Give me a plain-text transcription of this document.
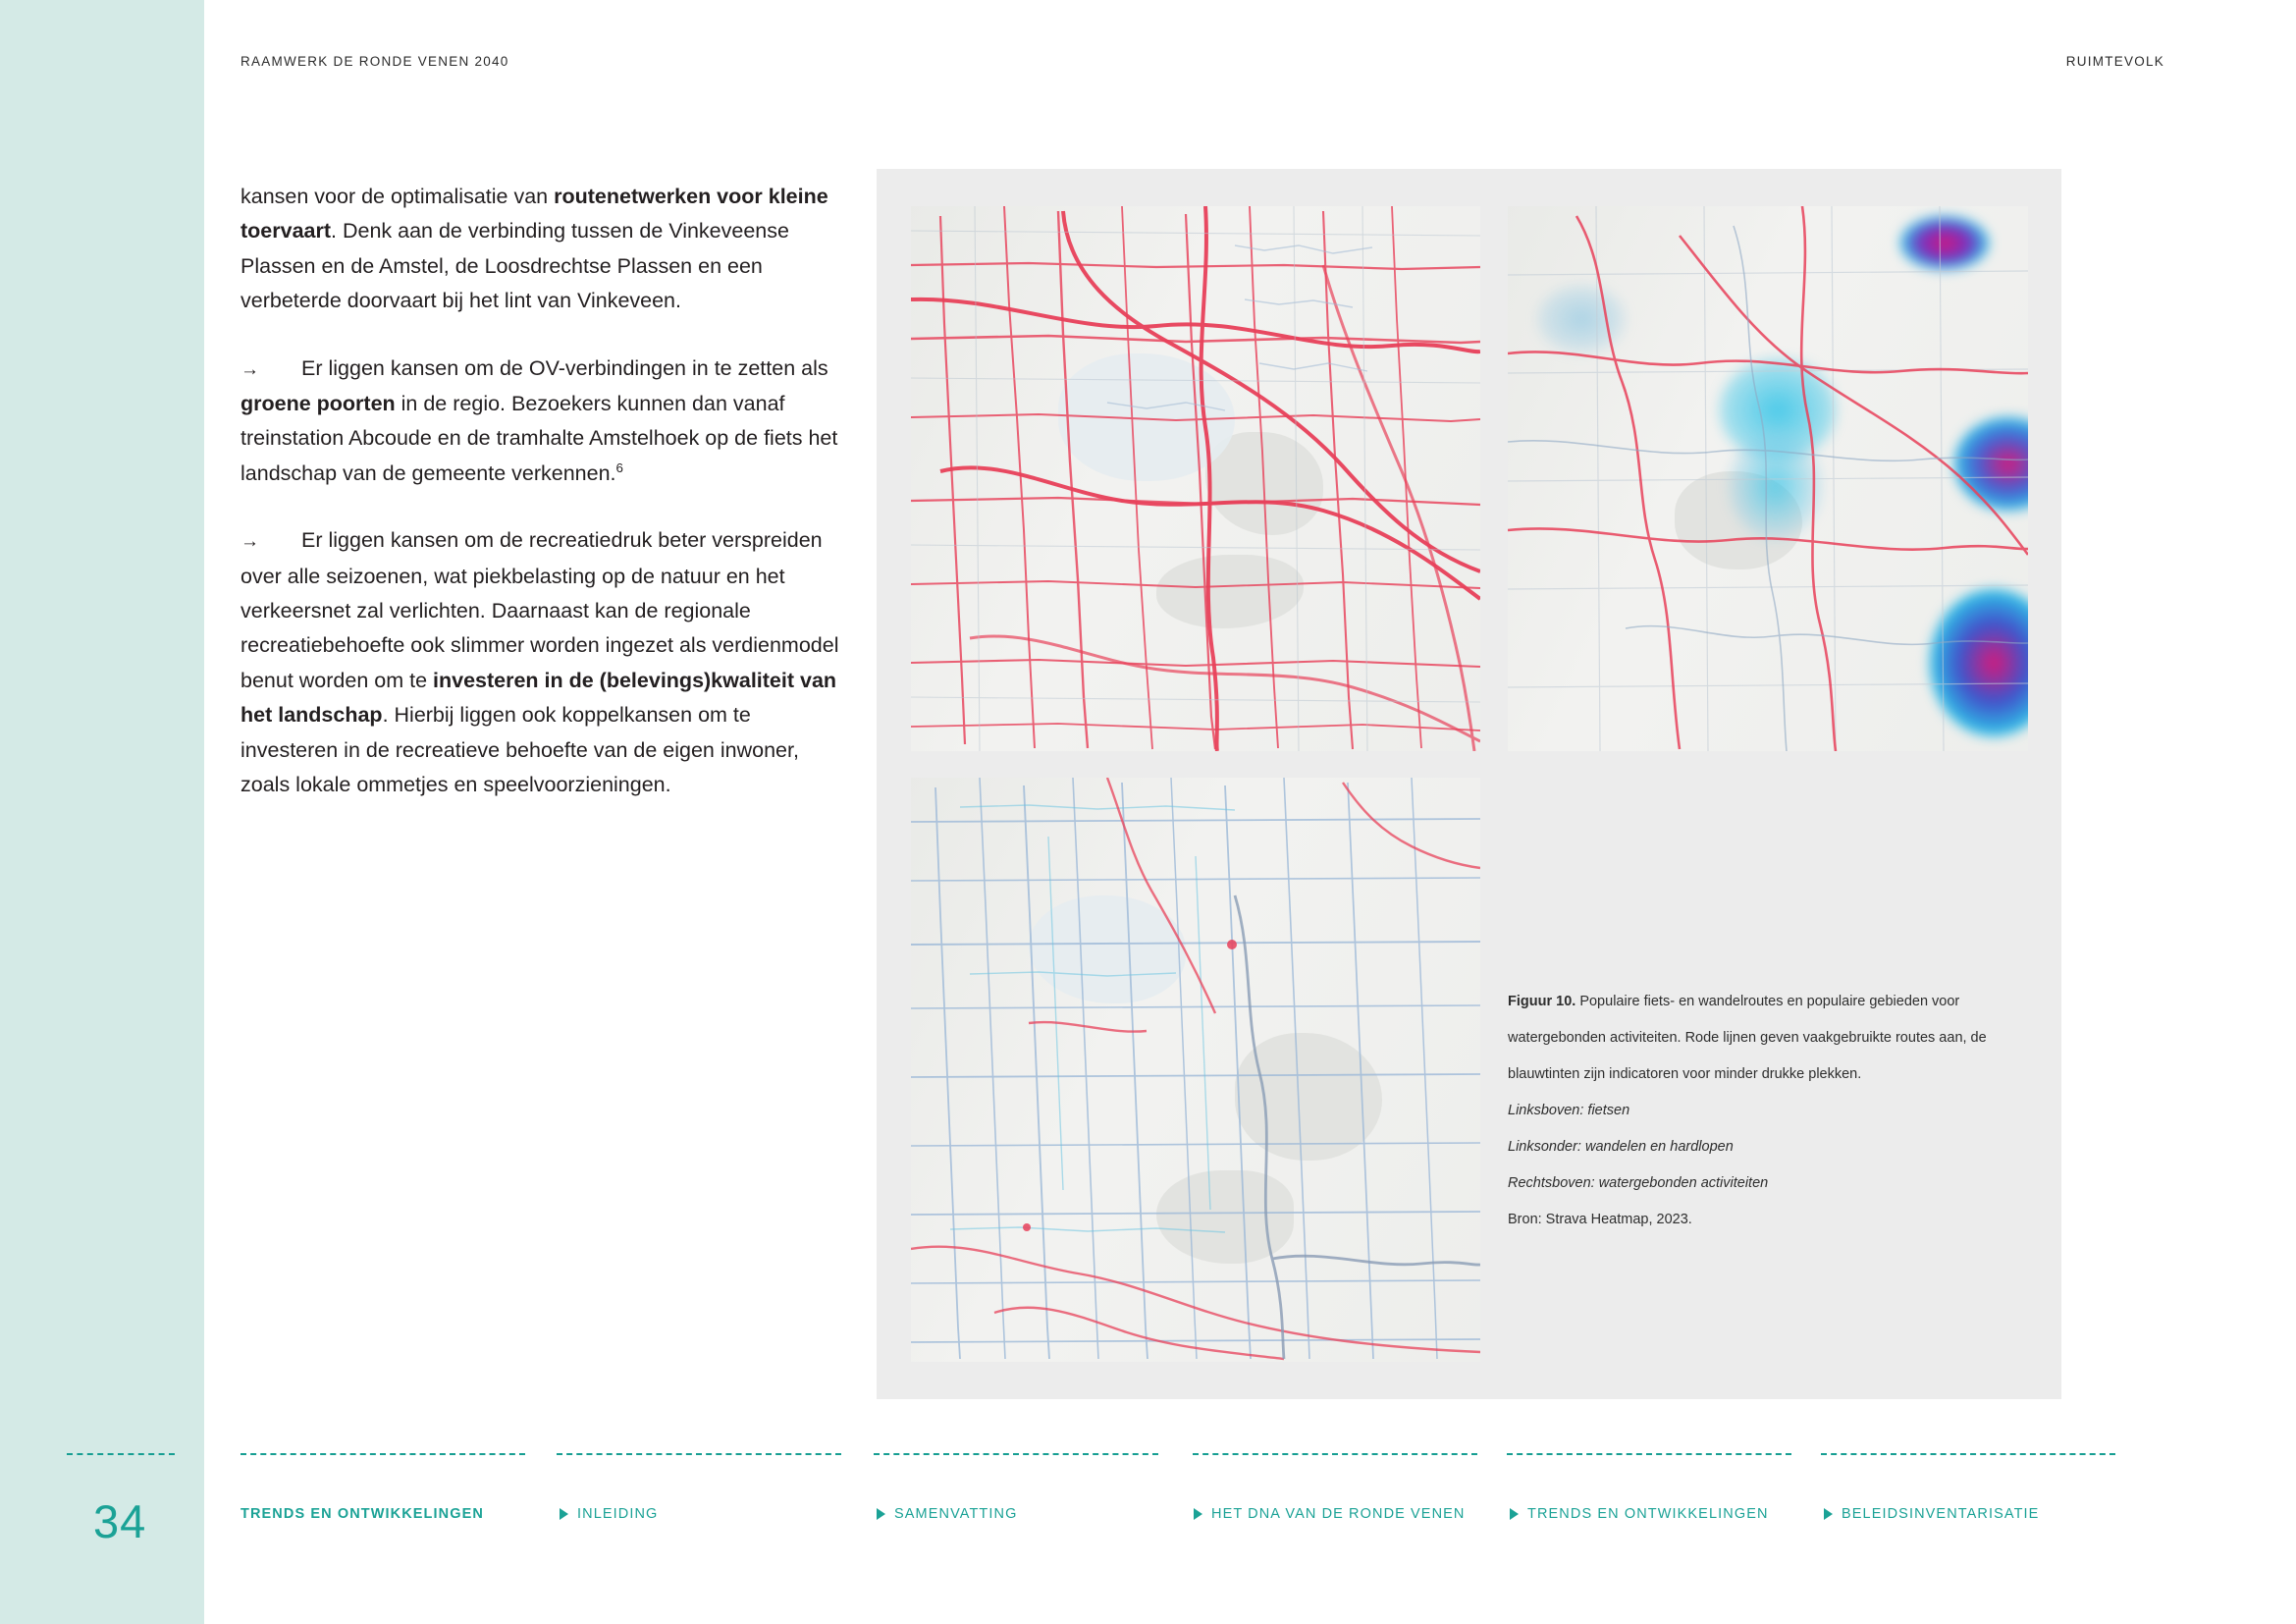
RAAMWERK DE RONDE VENEN 2040	RUIMTEVOLK

kansen voor de optimalisatie van routenetwerken voor kleine toervaart. Denk aan de verbinding tussen de Vinkeveense Plassen en de Amstel, de Loosdrechtse Plassen en een verbeterde doorvaart bij het lint van Vinkeveen.

→ Er liggen kansen om de OV-verbindingen in te zetten als groene poorten in de regio. Bezoekers kunnen dan vanaf treinstation Abcoude en de tramhalte Amstelhoek op de fiets het landschap van de gemeente verkennen.$^6$

→ Er liggen kansen om de recreatiedruk beter verspreiden over alle seizoenen, wat piekbelasting op de natuur en het verkeersnet zal verlichten. Daarnaast kan de regionale recreatiebehoefte ook slimmer worden ingezet als verdienmodel benut worden om te investeren in de (belevings)kwaliteit van het landschap. Hierbij liggen ook koppelkansen om te investeren in de recreatieve behoefte van de eigen inwoner, zoals lokale ommetjes en speelvoorzieningen.

Figuur 10. Populaire fiets- en wandelroutes en populaire gebieden voor watergebonden activiteiten. Rode lijnen geven vaakgebruikte routes aan, de blauwtinten zijn indicatoren voor minder drukke plekken.
Linksboven: fietsen
Linksonder: wandelen en hardlopen
Rechtsboven: watergebonden activiteiten
Bron: Strava Heatmap, 2023.
34	TRENDS EN ONTWIKKELINGEN	INLEIDING	SAMENVATTING	HET DNA VAN DE RONDE VENEN	TRENDS EN ONTWIKKELINGEN	BELEIDSINVENTARISATIE
